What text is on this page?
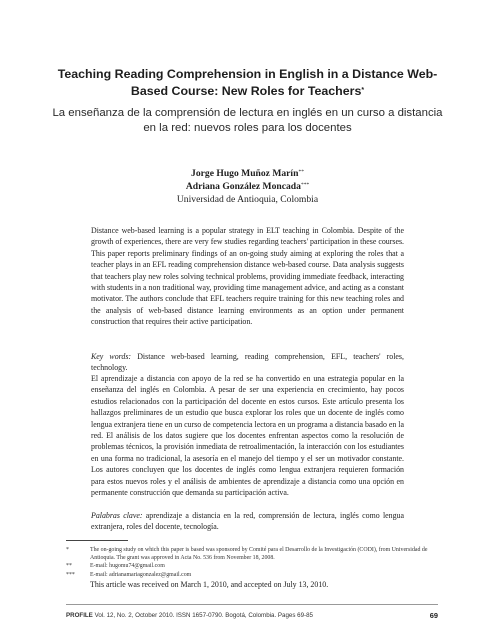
Teaching Reading Comprehension in English in a Distance Web-Based Course: New Roles for Teachers*
La enseñanza de la comprensión de lectura en inglés en un curso a distancia en la red: nuevos roles para los docentes
Jorge Hugo Muñoz Marín**
Adriana González Moncada***
Universidad de Antioquia, Colombia
Distance web-based learning is a popular strategy in ELT teaching in Colombia. Despite of the growth of experiences, there are very few studies regarding teachers' participation in these courses. This paper reports preliminary findings of an on-going study aiming at exploring the roles that a teacher plays in an EFL reading comprehension distance web-based course. Data analysis suggests that teachers play new roles solving technical problems, providing immediate feedback, interacting with students in a non traditional way, providing time management advice, and acting as a constant motivator. The authors conclude that EFL teachers require training for this new teaching roles and the analysis of web-based distance learning environments as an option under permanent construction that requires their active participation.
Key words: Distance web-based learning, reading comprehension, EFL, teachers' roles, technology.
El aprendizaje a distancia con apoyo de la red se ha convertido en una estrategia popular en la enseñanza del inglés en Colombia. A pesar de ser una experiencia en crecimiento, hay pocos estudios relacionados con la participación del docente en estos cursos. Este artículo presenta los hallazgos preliminares de un estudio que busca explorar los roles que un docente de inglés como lengua extranjera tiene en un curso de competencia lectora en un programa a distancia basado en la red. El análisis de los datos sugiere que los docentes enfrentan aspectos como la resolución de problemas técnicos, la provisión inmediata de retroalimentación, la interacción con los estudiantes en una forma no tradicional, la asesoría en el manejo del tiempo y el ser un motivador constante. Los autores concluyen que los docentes de inglés como lengua extranjera requieren formación para estos nuevos roles y el análisis de ambientes de aprendizaje a distancia como una opción en permanente construcción que demanda su participación activa.
Palabras clave: aprendizaje a distancia en la red, comprensión de lectura, inglés como lengua extranjera, roles del docente, tecnología.
*	The on-going study on which this paper is based was sponsored by Comité para el Desarrollo de la Investigación (CODI), from Universidad de Antioquia. The grant was approved in Acta No. 536 from November 18, 2008.
**	E-mail: hugomu74@gmail.com
***	E-mail: adrianamariagonzalez@gmail.com
This article was received on March 1, 2010, and accepted on July 13, 2010.
PROFILE Vol. 12, No. 2, October 2010. ISSN 1657-0790. Bogotá, Colombia. Pages 69-85	69
